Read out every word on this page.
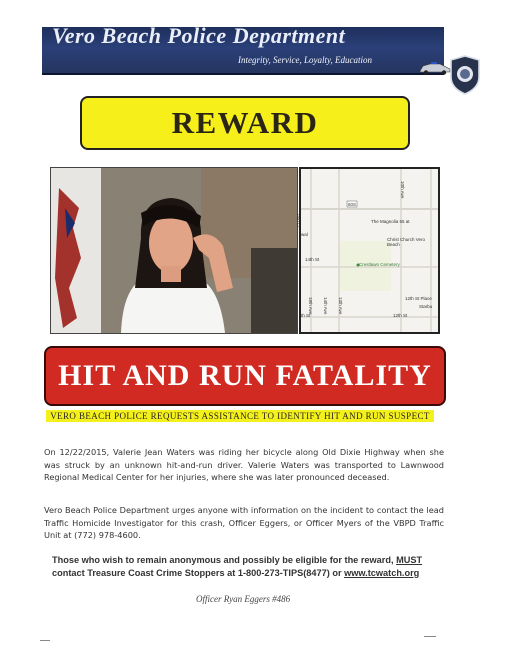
Vero Beach Police Department
Integrity, Service, Loyalty, Education
REWARD
60S
The Magnolia 55 at
Christ Church Vero Beach
Crestlawn Cemetery
14th St
wal
12th St Place
Starbu
12th St
th St
14th Ct
18th Ave 14th Ave 13th Ave
10th Ave
HIT AND RUN FATALITY
VERO BEACH POLICE REQUESTS ASSISTANCE TO IDENTIFY HIT AND RUN SUSPECT

On 12/22/2015, Valerie Jean Waters was riding her bicycle along Old Dixie Highway when she was struck by an unknown hit-and-run driver. Valerie Waters was transported to Lawnwood Regional Medical Center for her injuries, where she was later pronounced deceased.

Vero Beach Police Department urges anyone with information on the incident to contact the lead Traffic Homicide Investigator for this crash, Officer Eggers, or Officer Myers of the VBPD Traffic Unit at (772) 978-4600.

Those who wish to remain anonymous and possibly be eligible for the reward, MUST
contact Treasure Coast Crime Stoppers at 1-800-273-TIPS(8477) or www.tcwatch.org

Officer Ryan Eggers #486
